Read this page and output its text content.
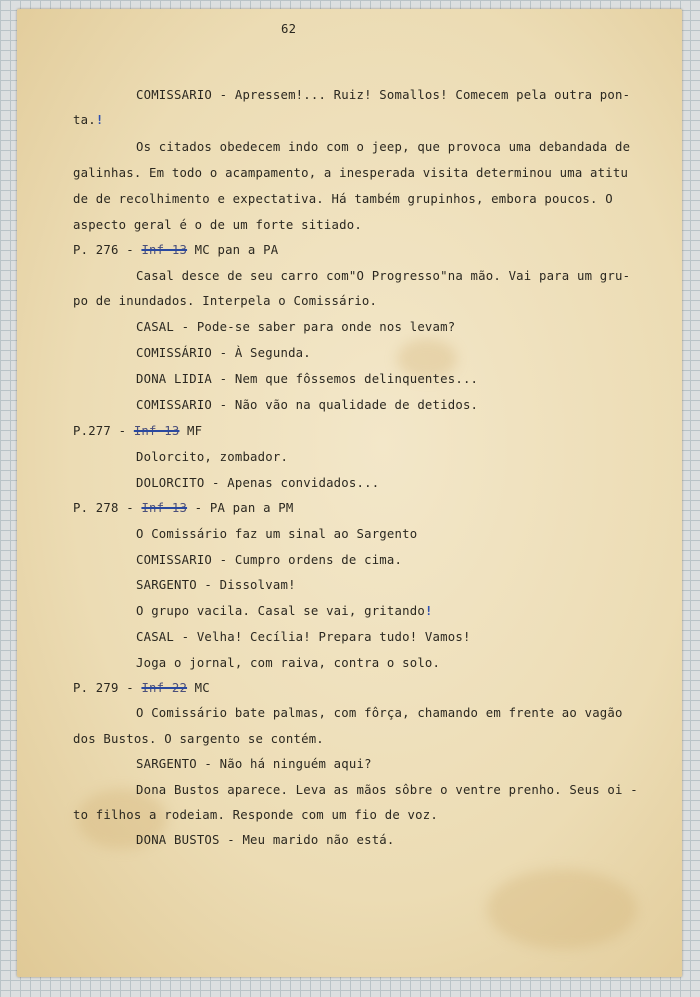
62

COMISSARIO - Apressem!... Ruiz! Somallos! Comecem pela outra pon-

ta.!

Os citados obedecem indo com o jeep, que provoca uma debandada de

galinhas. Em todo o acampamento, a inesperada visita determinou uma atitu

de de recolhimento e expectativa. Há também grupinhos, embora poucos. O

aspecto geral é o de um forte sitiado.

P. 276 - Inf 13 MC pan a PA

Casal desce de seu carro com"O Progresso"na mão. Vai para um gru-

po de inundados. Interpela o Comissário.

CASAL - Pode-se saber para onde nos levam?

COMISSÁRIO - À Segunda.

DONA LIDIA - Nem que fôssemos delinquentes...

COMISSARIO - Não vão na qualidade de detidos.

P.277 - Inf 13 MF

Dolorcito, zombador.

DOLORCITO - Apenas convidados...

P. 278 - Inf 13 - PA pan a PM

O Comissário faz um sinal ao Sargento

COMISSARIO - Cumpro ordens de cima.

SARGENTO - Dissolvam!

O grupo vacila. Casal se vai, gritando!

CASAL - Velha! Cecília! Prepara tudo! Vamos!

Joga o jornal, com raiva, contra o solo.

P. 279 - Inf 22 MC

O Comissário bate palmas, com fôrça, chamando em frente ao vagão

dos Bustos. O sargento se contém.

SARGENTO - Não há ninguém aqui?

Dona Bustos aparece. Leva as mãos sôbre o ventre prenho. Seus oi -

to filhos a rodeiam. Responde com um fio de voz.

DONA BUSTOS - Meu marido não está.
